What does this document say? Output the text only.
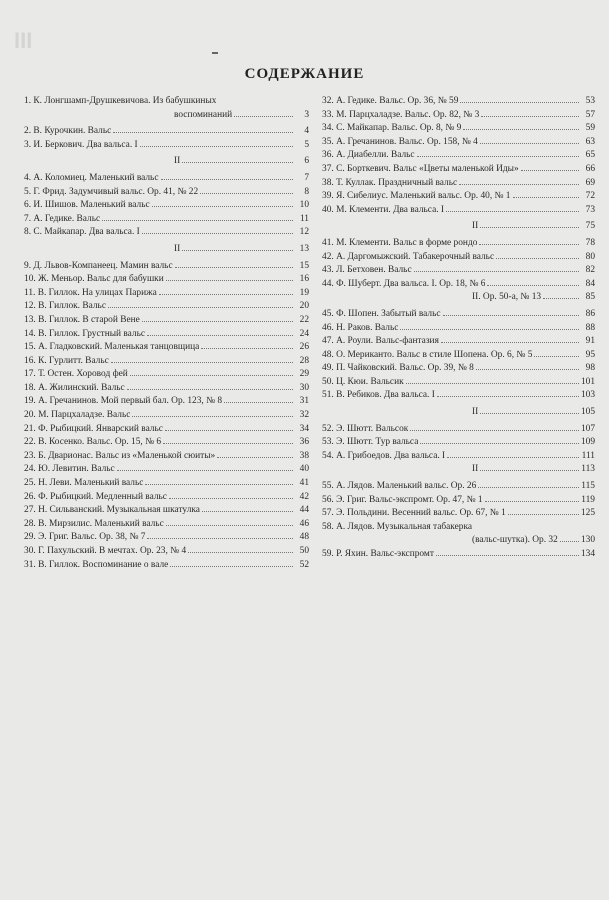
III
СОДЕРЖАНИЕ
1. К. Лонгшамп-Друшкевичова. Из бабушкиных
воспоминаний	3
2. В. Курочкин. Вальс	4
3. И. Беркович. Два вальса. I	5
II	6
4. А. Коломиец. Маленький вальс	7
5. Г. Фрид. Задумчивый вальс. Ор. 41, № 22	8
6. И. Шишов. Маленький вальс	10
7. А. Гедике. Вальс	11
8. С. Майкапар. Два вальса. I	12
II	13
9. Д. Львов-Компанеец. Мамин вальс	15
10. Ж. Меньор. Вальс для бабушки	16
11. В. Гиллок. На улицах Парижа	19
12. В. Гиллок. Вальс	20
13. В. Гиллок. В старой Вене	22
14. В. Гиллок. Грустный вальс	24
15. А. Гладковский. Маленькая танцовщица	26
16. К. Гурлитт. Вальс	28
17. Т. Остен. Хоровод фей	29
18. А. Жилинский. Вальс	30
19. А. Гречанинов. Мой первый бал. Ор. 123, № 8	31
20. М. Парцхаладзе. Вальс	32
21. Ф. Рыбицкий. Январский вальс	34
22. В. Косенко. Вальс. Ор. 15, № 6	36
23. Б. Дварионас. Вальс из «Маленькой сюиты»	38
24. Ю. Левитин. Вальс	40
25. Н. Леви. Маленький вальс	41
26. Ф. Рыбицкий. Медленный вальс	42
27. Н. Сильванский. Музыкальная шкатулка	44
28. В. Мирзилис. Маленький вальс	46
29. Э. Григ. Вальс. Ор. 38, № 7	48
30. Г. Пахульский. В мечтах. Ор. 23, № 4	50
31. В. Гиллок. Воспоминание о вале	52
32. А. Гедике. Вальс. Ор. 36, № 59	53
33. М. Парцхаладзе. Вальс. Ор. 82, № 3	57
34. С. Майкапар. Вальс. Ор. 8, № 9	59
35. А. Гречанинов. Вальс. Ор. 158, № 4	63
36. А. Диабелли. Вальс	65
37. С. Борткевич. Вальс «Цветы маленькой Иды»	66
38. Т. Куллак. Праздничный вальс	69
39. Я. Сибелиус. Маленький вальс. Ор. 40, № 1	72
40. М. Клементи. Два вальса. I	73
II	75
41. М. Клементи. Вальс в форме рондо	78
42. А. Даргомыжский. Табакерочный вальс	80
43. Л. Бетховен. Вальс	82
44. Ф. Шуберт. Два вальса. I. Ор. 18, № 6	84
II. Ор. 50-а, № 13	85
45. Ф. Шопен. Забытый вальс	86
46. Н. Раков. Вальс	88
47. А. Роули. Вальс-фантазия	91
48. О. Мериканто. Вальс в стиле Шопена. Ор. 6, № 5	95
49. П. Чайковский. Вальс. Ор. 39, № 8	98
50. Ц. Кюи. Вальсик	101
51. В. Ребиков. Два вальса. I	103
II	105
52. Э. Шютт. Вальсок	107
53. Э. Шютт. Тур вальса	109
54. А. Грибоедов. Два вальса. I	111
II	113
55. А. Лядов. Маленький вальс. Ор. 26	115
56. Э. Григ. Вальс-экспромт. Ор. 47, № 1	119
57. Э. Польдини. Весенний вальс. Ор. 67, № 1	125
58. А. Лядов. Музыкальная табакерка
(вальс-шутка). Ор. 32 130
59. Р. Яхин. Вальс-экспромт	134
